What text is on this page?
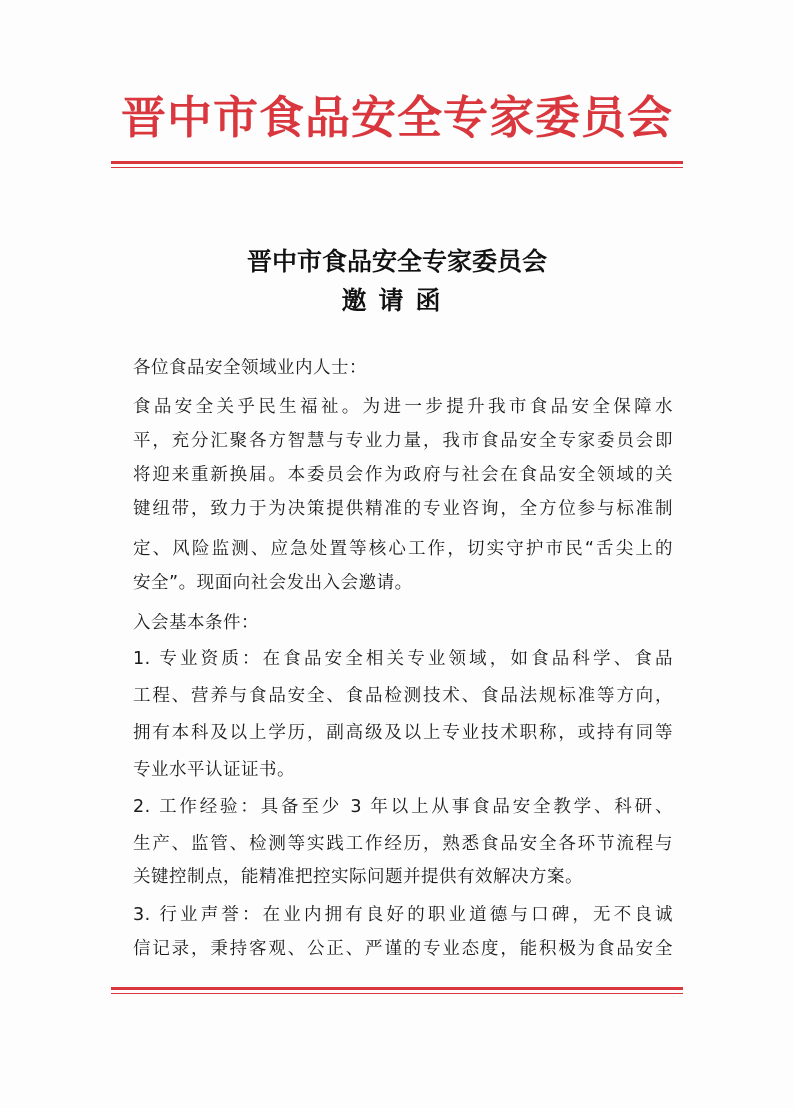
晋中市食品安全专家委员会
晋中市食品安全专家委员会
邀请函
各位食品安全领域业内人士：
食品安全关乎民生福祉。为进一步提升我市食品安全保障水
平，充分汇聚各方智慧与专业力量，我市食品安全专家委员会即
将迎来重新换届。本委员会作为政府与社会在食品安全领域的关
键纽带，致力于为决策提供精准的专业咨询，全方位参与标准制
定、风险监测、应急处置等核心工作，切实守护市民“舌尖上的
安全”。现面向社会发出入会邀请。
入会基本条件：
1. 专业资质：在食品安全相关专业领域，如食品科学、食品
工程、营养与食品安全、食品检测技术、食品法规标准等方向，
拥有本科及以上学历，副高级及以上专业技术职称，或持有同等
专业水平认证证书。
2. 工作经验：具备至少 3 年以上从事食品安全教学、科研、
生产、监管、检测等实践工作经历，熟悉食品安全各环节流程与
关键控制点，能精准把控实际问题并提供有效解决方案。
3. 行业声誉：在业内拥有良好的职业道德与口碑，无不良诚
信记录，秉持客观、公正、严谨的专业态度，能积极为食品安全
